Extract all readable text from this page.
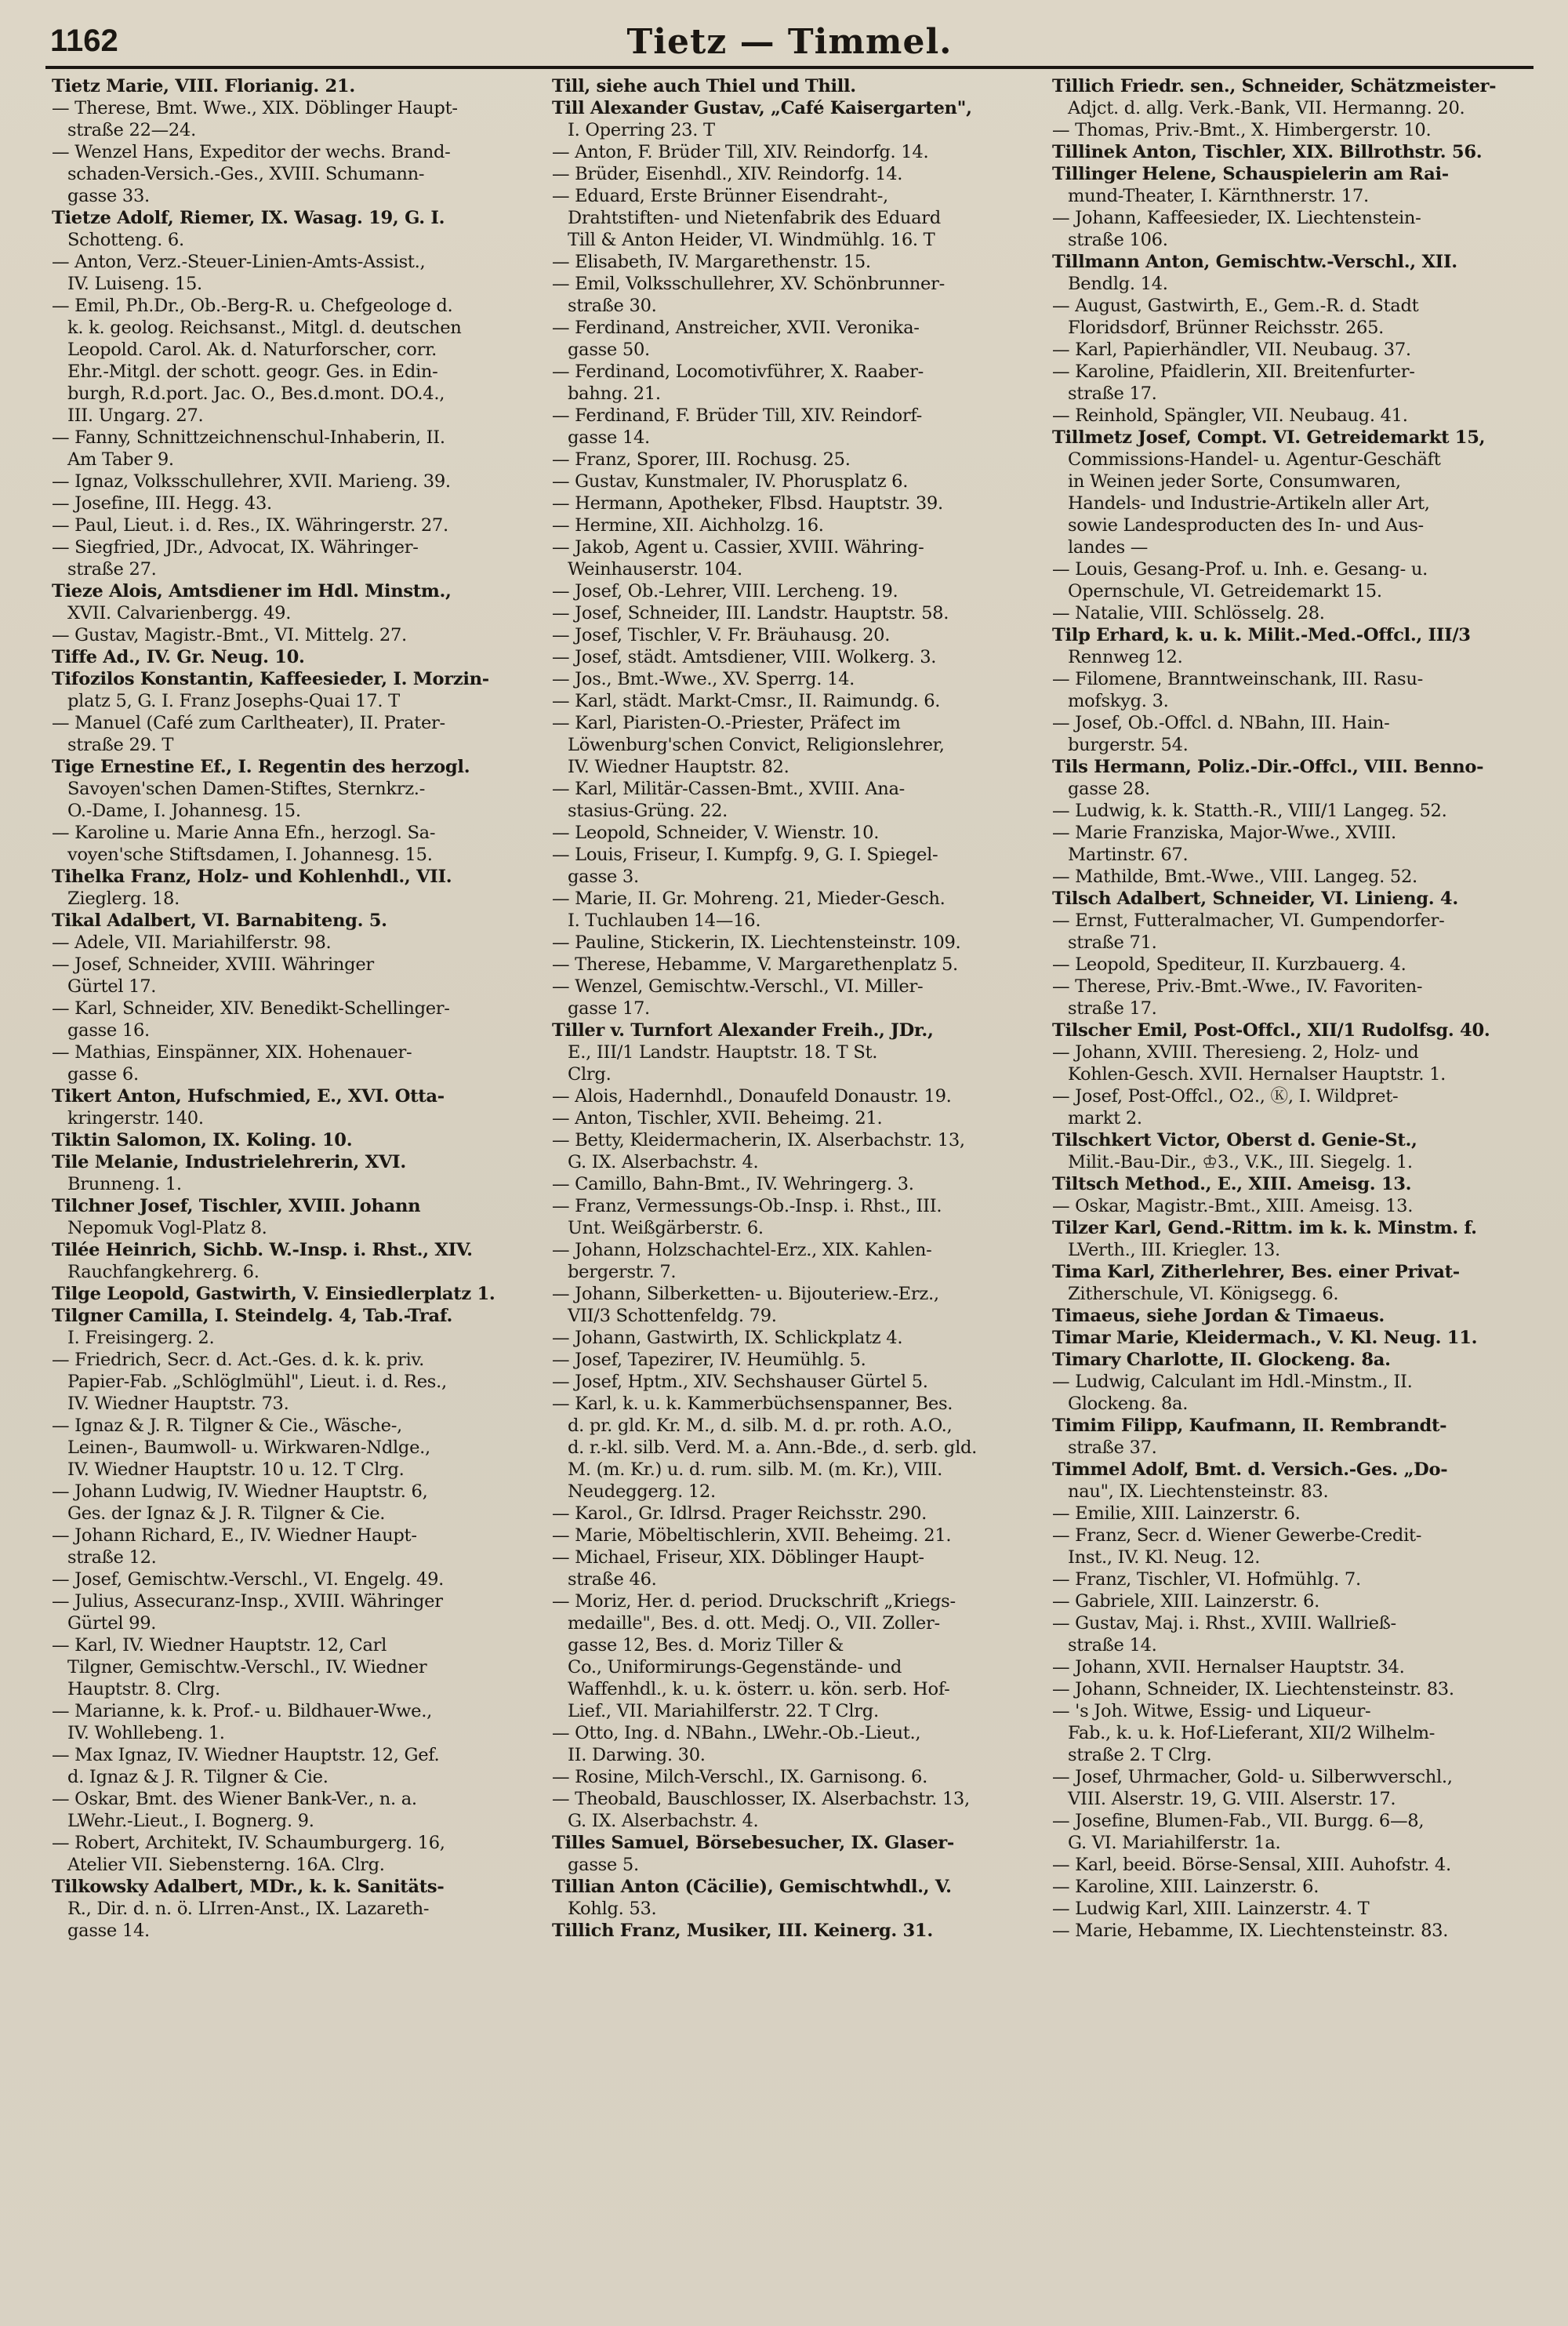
1162	Tietz — Timmel.
Tietz Marie, VIII. Florianig. 21.
— Therese, Bmt. Wwe., XIX. Döblinger Haupt-
straße 22—24.
— Wenzel Hans, Expeditor der wechs. Brand-
schaden-Versich.-Ges., XVIII. Schumann-
gasse 33.
Tietze Adolf, Riemer, IX. Wasag. 19, G. I.
Schotteng. 6.
— Anton, Verz.-Steuer-Linien-Amts-Assist.,
IV. Luiseng. 15.
— Emil, Ph.Dr., Ob.-Berg-R. u. Chefgeologe d.
k. k. geolog. Reichsanst., Mitgl. d. deutschen
Leopold. Carol. Ak. d. Naturforscher, corr.
Ehr.-Mitgl. der schott. geogr. Ges. in Edin-
burgh, R.d.port. Jac. O., Bes.d.mont. DO.4.,
III. Ungarg. 27.
— Fanny, Schnittzeichnenschul-Inhaberin, II.
Am Taber 9.
— Ignaz, Volksschullehrer, XVII. Marieng. 39.
— Josefine, III. Hegg. 43.
— Paul, Lieut. i. d. Res., IX. Währingerstr. 27.
— Siegfried, JDr., Advocat, IX. Währinger-
straße 27.
Tieze Alois, Amtsdiener im Hdl. Minstm.,
XVII. Calvarienbergg. 49.
— Gustav, Magistr.-Bmt., VI. Mittelg. 27.
Tiffe Ad., IV. Gr. Neug. 10.
Tifozilos Konstantin, Kaffeesieder, I. Morzin-
platz 5, G. I. Franz Josephs-Quai 17. T
— Manuel (Café zum Carltheater), II. Prater-
straße 29. T
Tige Ernestine Ef., I. Regentin des herzogl.
Savoyen'schen Damen-Stiftes, Sternkrz.-
O.-Dame, I. Johannesg. 15.
— Karoline u. Marie Anna Efn., herzogl. Sa-
voyen'sche Stiftsdamen, I. Johannesg. 15.
Tihelka Franz, Holz- und Kohlenhdl., VII.
Zieglerg. 18.
Tikal Adalbert, VI. Barnabiteng. 5.
— Adele, VII. Mariahilferstr. 98.
— Josef, Schneider, XVIII. Währinger
Gürtel 17.
— Karl, Schneider, XIV. Benedikt-Schellinger-
gasse 16.
— Mathias, Einspänner, XIX. Hohenauer-
gasse 6.
Tikert Anton, Hufschmied, E., XVI. Otta-
kringerstr. 140.
Tiktin Salomon, IX. Koling. 10.
Tile Melanie, Industrielehrerin, XVI.
Brunneng. 1.
Tilchner Josef, Tischler, XVIII. Johann
Nepomuk Vogl-Platz 8.
Tilée Heinrich, Sichb. W.-Insp. i. Rhst., XIV.
Rauchfangkehrerg. 6.
Tilge Leopold, Gastwirth, V. Einsiedlerplatz 1.
Tilgner Camilla, I. Steindelg. 4, Tab.-Traf.
I. Freisingerg. 2.
— Friedrich, Secr. d. Act.-Ges. d. k. k. priv.
Papier-Fab. „Schlöglmühl", Lieut. i. d. Res.,
IV. Wiedner Hauptstr. 73.
— Ignaz & J. R. Tilgner & Cie., Wäsche-,
Leinen-, Baumwoll- u. Wirkwaren-Ndlge.,
IV. Wiedner Hauptstr. 10 u. 12. T Clrg.
— Johann Ludwig, IV. Wiedner Hauptstr. 6,
Ges. der Ignaz & J. R. Tilgner & Cie.
— Johann Richard, E., IV. Wiedner Haupt-
straße 12.
— Josef, Gemischtw.-Verschl., VI. Engelg. 49.
— Julius, Assecuranz-Insp., XVIII. Währinger
Gürtel 99.
— Karl, IV. Wiedner Hauptstr. 12, Carl
Tilgner, Gemischtw.-Verschl., IV. Wiedner
Hauptstr. 8. Clrg.
— Marianne, k. k. Prof.- u. Bildhauer-Wwe.,
IV. Wohllebeng. 1.
— Max Ignaz, IV. Wiedner Hauptstr. 12, Gef.
d. Ignaz & J. R. Tilgner & Cie.
— Oskar, Bmt. des Wiener Bank-Ver., n. a.
LWehr.-Lieut., I. Bognerg. 9.
— Robert, Architekt, IV. Schaumburgerg. 16,
Atelier VII. Siebensterng. 16A. Clrg.
Tilkowsky Adalbert, MDr., k. k. Sanitäts-
R., Dir. d. n. ö. LIrren-Anst., IX. Lazareth-
gasse 14.
Till, siehe auch Thiel und Thill.
Till Alexander Gustav, „Café Kaisergarten",
I. Operring 23. T
— Anton, F. Brüder Till, XIV. Reindorfg. 14.
— Brüder, Eisenhdl., XIV. Reindorfg. 14.
— Eduard, Erste Brünner Eisendraht-,
Drahtstiften- und Nietenfabrik des Eduard
Till & Anton Heider, VI. Windmühlg. 16. T
— Elisabeth, IV. Margarethenstr. 15.
— Emil, Volksschullehrer, XV. Schönbrunner-
straße 30.
— Ferdinand, Anstreicher, XVII. Veronika-
gasse 50.
— Ferdinand, Locomotivführer, X. Raaber-
bahng. 21.
— Ferdinand, F. Brüder Till, XIV. Reindorf-
gasse 14.
— Franz, Sporer, III. Rochusg. 25.
— Gustav, Kunstmaler, IV. Phorusplatz 6.
— Hermann, Apotheker, Flbsd. Hauptstr. 39.
— Hermine, XII. Aichholzg. 16.
— Jakob, Agent u. Cassier, XVIII. Währing-
Weinhauserstr. 104.
— Josef, Ob.-Lehrer, VIII. Lercheng. 19.
— Josef, Schneider, III. Landstr. Hauptstr. 58.
— Josef, Tischler, V. Fr. Bräuhausg. 20.
— Josef, städt. Amtsdiener, VIII. Wolkerg. 3.
— Jos., Bmt.-Wwe., XV. Sperrg. 14.
— Karl, städt. Markt-Cmsr., II. Raimundg. 6.
— Karl, Piaristen-O.-Priester, Präfect im
Löwenburg'schen Convict, Religionslehrer,
IV. Wiedner Hauptstr. 82.
— Karl, Militär-Cassen-Bmt., XVIII. Ana-
stasius-Grüng. 22.
— Leopold, Schneider, V. Wienstr. 10.
— Louis, Friseur, I. Kumpfg. 9, G. I. Spiegel-
gasse 3.
— Marie, II. Gr. Mohreng. 21, Mieder-Gesch.
I. Tuchlauben 14—16.
— Pauline, Stickerin, IX. Liechtensteinstr. 109.
— Therese, Hebamme, V. Margarethenplatz 5.
— Wenzel, Gemischtw.-Verschl., VI. Miller-
gasse 17.
Tiller v. Turnfort Alexander Freih., JDr.,
E., III/1 Landstr. Hauptstr. 18. T St.
Clrg.
— Alois, Hadernhdl., Donaufeld Donaustr. 19.
— Anton, Tischler, XVII. Beheimg. 21.
— Betty, Kleidermacherin, IX. Alserbachstr. 13,
G. IX. Alserbachstr. 4.
— Camillo, Bahn-Bmt., IV. Wehringerg. 3.
— Franz, Vermessungs-Ob.-Insp. i. Rhst., III.
Unt. Weißgärberstr. 6.
— Johann, Holzschachtel-Erz., XIX. Kahlen-
bergerstr. 7.
— Johann, Silberketten- u. Bijouteriew.-Erz.,
VII/3 Schottenfeldg. 79.
— Johann, Gastwirth, IX. Schlickplatz 4.
— Josef, Tapezirer, IV. Heumühlg. 5.
— Josef, Hptm., XIV. Sechshauser Gürtel 5.
— Karl, k. u. k. Kammerbüchsenspanner, Bes.
d. pr. gld. Kr. M., d. silb. M. d. pr. roth. A.O.,
d. r.-kl. silb. Verd. M. a. Ann.-Bde., d. serb. gld.
M. (m. Kr.) u. d. rum. silb. M. (m. Kr.), VIII.
Neudeggerg. 12.
— Karol., Gr. Idlrsd. Prager Reichsstr. 290.
— Marie, Möbeltischlerin, XVII. Beheimg. 21.
— Michael, Friseur, XIX. Döblinger Haupt-
straße 46.
— Moriz, Her. d. period. Druckschrift „Kriegs-
medaille", Bes. d. ott. Medj. O., VII. Zoller-
gasse 12, Bes. d. Moriz Tiller &
Co., Uniformirungs-Gegenstände- und
Waffenhdl., k. u. k. österr. u. kön. serb. Hof-
Lief., VII. Mariahilferstr. 22. T Clrg.
— Otto, Ing. d. NBahn., LWehr.-Ob.-Lieut.,
II. Darwing. 30.
— Rosine, Milch-Verschl., IX. Garnisong. 6.
— Theobald, Bauschlosser, IX. Alserbachstr. 13,
G. IX. Alserbachstr. 4.
Tilles Samuel, Börsebesucher, IX. Glaser-
gasse 5.
Tillian Anton (Cäcilie), Gemischtwhdl., V.
Kohlg. 53.
Tillich Franz, Musiker, III. Keinerg. 31.
Tillich Friedr. sen., Schneider, Schätzmeister-
Adjct. d. allg. Verk.-Bank, VII. Hermanng. 20.
— Thomas, Priv.-Bmt., X. Himbergerstr. 10.
Tillinek Anton, Tischler, XIX. Billrothstr. 56.
Tillinger Helene, Schauspielerin am Rai-
mund-Theater, I. Kärnthnerstr. 17.
— Johann, Kaffeesieder, IX. Liechtenstein-
straße 106.
Tillmann Anton, Gemischtw.-Verschl., XII.
Bendlg. 14.
— August, Gastwirth, E., Gem.-R. d. Stadt
Floridsdorf, Brünner Reichsstr. 265.
— Karl, Papierhändler, VII. Neubaug. 37.
— Karoline, Pfaidlerin, XII. Breitenfurter-
straße 17.
— Reinhold, Spängler, VII. Neubaug. 41.
Tillmetz Josef, Compt. VI. Getreidemarkt 15,
Commissions-Handel- u. Agentur-Geschäft
in Weinen jeder Sorte, Consumwaren,
Handels- und Industrie-Artikeln aller Art,
sowie Landesproducten des In- und Aus-
landes —
— Louis, Gesang-Prof. u. Inh. e. Gesang- u.
Opernschule, VI. Getreidemarkt 15.
— Natalie, VIII. Schlösselg. 28.
Tilp Erhard, k. u. k. Milit.-Med.-Offcl., III/3
Rennweg 12.
— Filomene, Branntweinschank, III. Rasu-
mofskyg. 3.
— Josef, Ob.-Offcl. d. NBahn, III. Hain-
burgerstr. 54.
Tils Hermann, Poliz.-Dir.-Offcl., VIII. Benno-
gasse 28.
— Ludwig, k. k. Statth.-R., VIII/1 Langeg. 52.
— Marie Franziska, Major-Wwe., XVIII.
Martinstr. 67.
— Mathilde, Bmt.-Wwe., VIII. Langeg. 52.
Tilsch Adalbert, Schneider, VI. Linieng. 4.
— Ernst, Futteralmacher, VI. Gumpendorfer-
straße 71.
— Leopold, Spediteur, II. Kurzbauerg. 4.
— Therese, Priv.-Bmt.-Wwe., IV. Favoriten-
straße 17.
Tilscher Emil, Post-Offcl., XII/1 Rudolfsg. 40.
— Johann, XVIII. Theresieng. 2, Holz- und
Kohlen-Gesch. XVII. Hernalser Hauptstr. 1.
— Josef, Post-Offcl., O2., Ⓚ, I. Wildpret-
markt 2.
Tilschkert Victor, Oberst d. Genie-St.,
Milit.-Bau-Dir., ♔3., V.K., III. Siegelg. 1.
Tiltsch Method., E., XIII. Ameisg. 13.
— Oskar, Magistr.-Bmt., XIII. Ameisg. 13.
Tilzer Karl, Gend.-Rittm. im k. k. Minstm. f.
LVerth., III. Kriegler. 13.
Tima Karl, Zitherlehrer, Bes. einer Privat-
Zitherschule, VI. Königsegg. 6.
Timaeus, siehe Jordan & Timaeus.
Timar Marie, Kleidermach., V. Kl. Neug. 11.
Timary Charlotte, II. Glockeng. 8a.
— Ludwig, Calculant im Hdl.-Minstm., II.
Glockeng. 8a.
Timim Filipp, Kaufmann, II. Rembrandt-
straße 37.
Timmel Adolf, Bmt. d. Versich.-Ges. „Do-
nau", IX. Liechtensteinstr. 83.
— Emilie, XIII. Lainzerstr. 6.
— Franz, Secr. d. Wiener Gewerbe-Credit-
Inst., IV. Kl. Neug. 12.
— Franz, Tischler, VI. Hofmühlg. 7.
— Gabriele, XIII. Lainzerstr. 6.
— Gustav, Maj. i. Rhst., XVIII. Wallrieß-
straße 14.
— Johann, XVII. Hernalser Hauptstr. 34.
— Johann, Schneider, IX. Liechtensteinstr. 83.
— 's Joh. Witwe, Essig- und Liqueur-
Fab., k. u. k. Hof-Lieferant, XII/2 Wilhelm-
straße 2. T Clrg.
— Josef, Uhrmacher, Gold- u. Silberwverschl.,
VIII. Alserstr. 19, G. VIII. Alserstr. 17.
— Josefine, Blumen-Fab., VII. Burgg. 6—8,
G. VI. Mariahilferstr. 1a.
— Karl, beeid. Börse-Sensal, XIII. Auhofstr. 4.
— Karoline, XIII. Lainzerstr. 6.
— Ludwig Karl, XIII. Lainzerstr. 4. T
— Marie, Hebamme, IX. Liechtensteinstr. 83.
